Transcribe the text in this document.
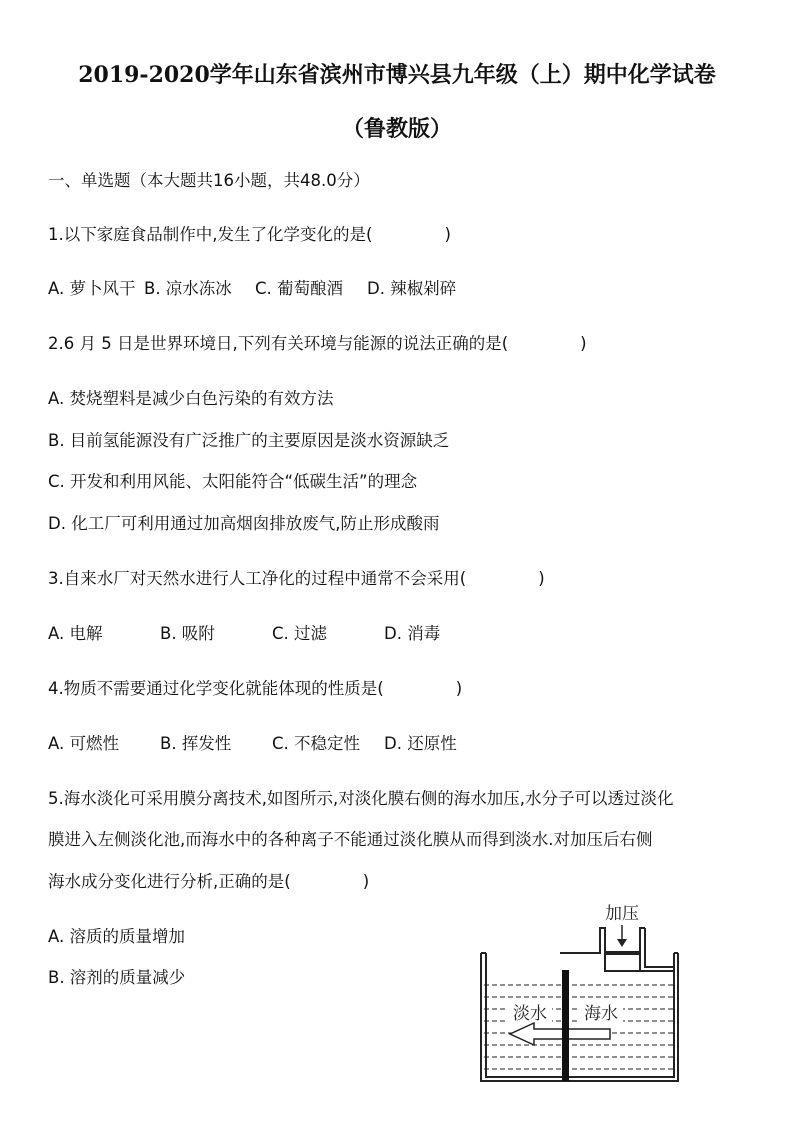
2019-2020学年山东省滨州市博兴县九年级（上）期中化学试卷
（鲁教版）
一、单选题（本大题共16小题，共48.0分）
1.以下家庭食品制作中,发生了化学变化的是(	)
A. 萝卜风干 B. 凉水冻冰 C. 葡萄酿酒 D. 辣椒剁碎
2.6 月 5 日是世界环境日,下列有关环境与能源的说法正确的是(	)
A. 焚烧塑料是减少白色污染的有效方法
B. 目前氢能源没有广泛推广的主要原因是淡水资源缺乏
C. 开发和利用风能、太阳能符合“低碳生活”的理念
D. 化工厂可利用通过加高烟囱排放废气,防止形成酸雨
3.自来水厂对天然水进行人工净化的过程中通常不会采用(	)
A. 电解	B. 吸附	C. 过滤	D. 消毒
4.物质不需要通过化学变化就能体现的性质是(	)
A. 可燃性 B. 挥发性 C. 不稳定性 D. 还原性
5.海水淡化可采用膜分离技术,如图所示,对淡化膜右侧的海水加压,水分子可以透过淡化
膜进入左侧淡化池,而海水中的各种离子不能通过淡化膜从而得到淡水.对加压后右侧
海水成分变化进行分析,正确的是(	)
A. 溶质的质量增加
B. 溶剂的质量减少
加压
淡水 海水
